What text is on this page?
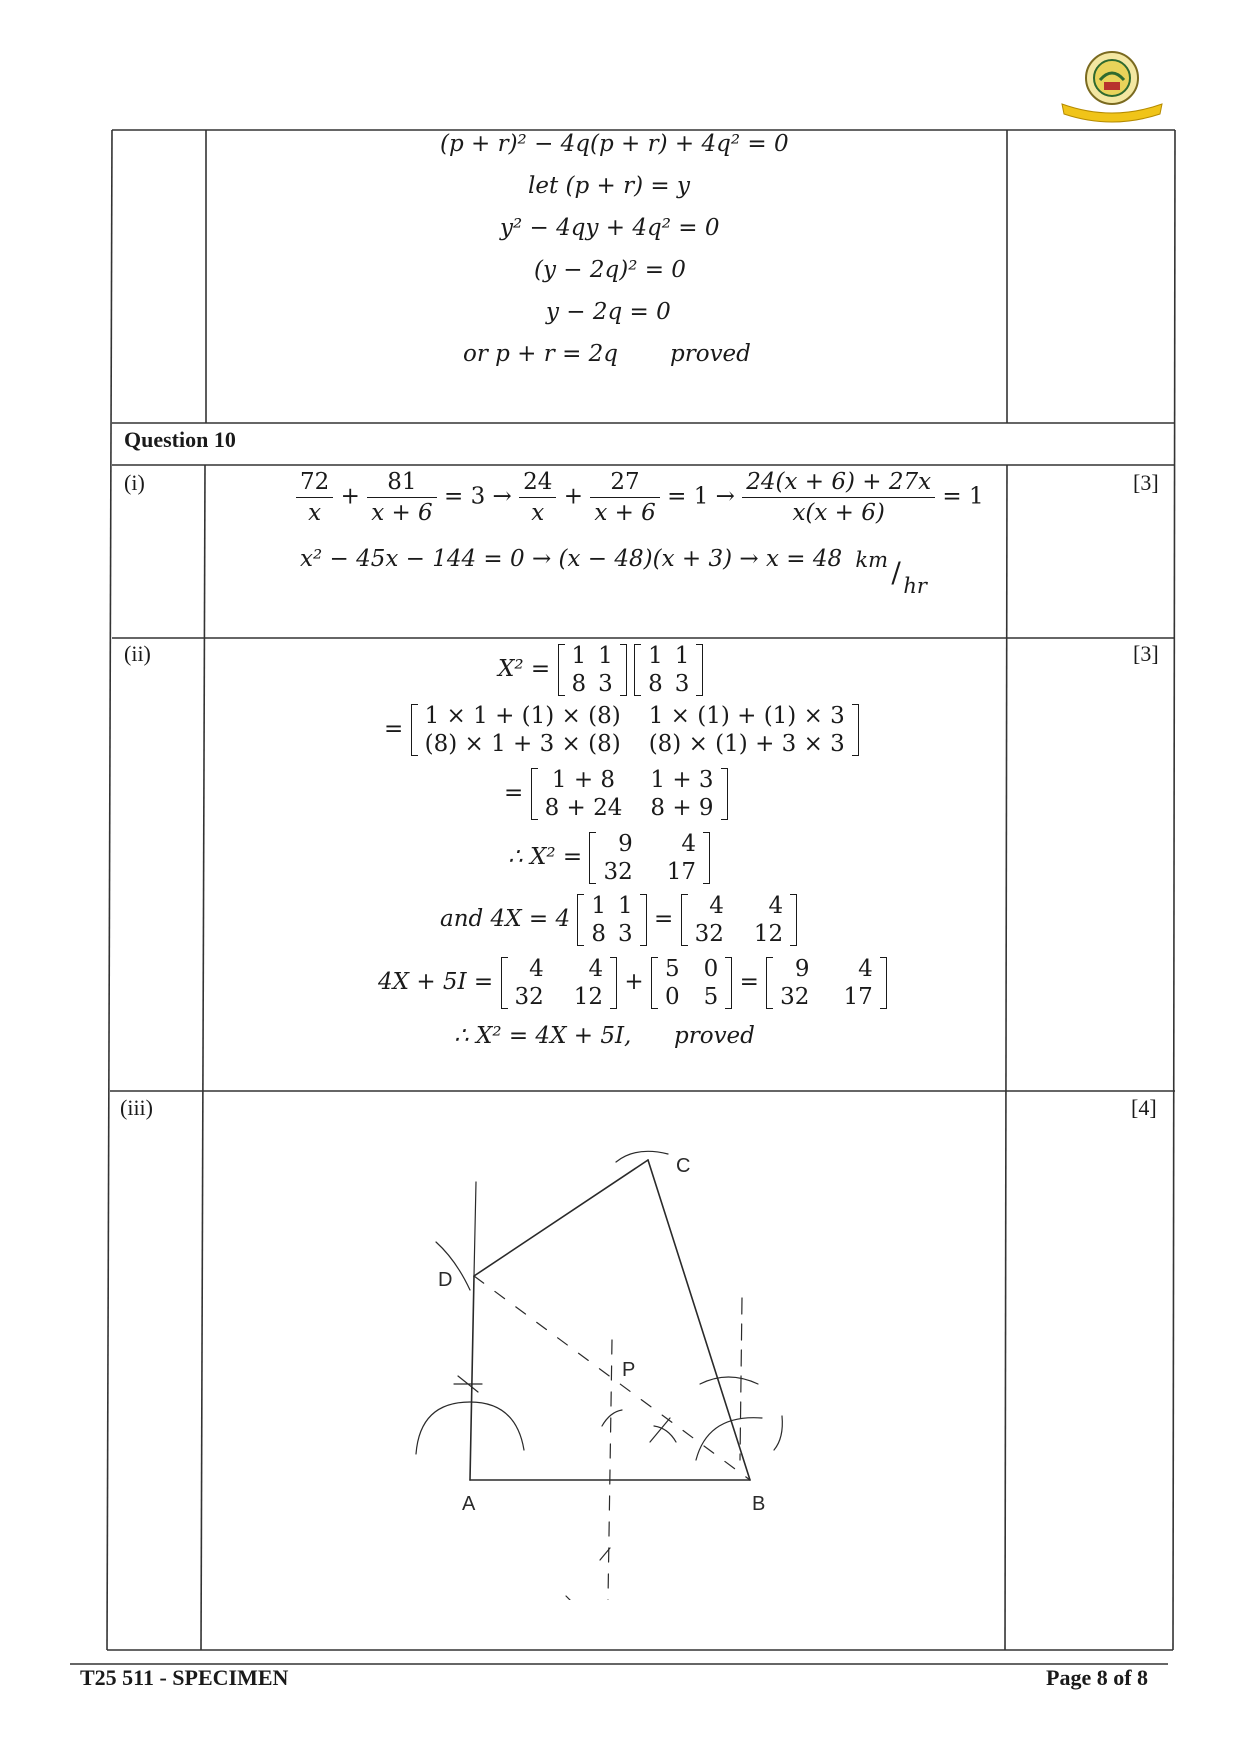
(p + r)² − 4q(p + r) + 4q² = 0
let (p + r) = y
y² − 4qy + 4q² = 0
(y − 2q)² = 0
y − 2q = 0
or p + r = 2q proved
Question 10
(i)	[3]
$\frac{72}{x} + \frac{81}{x + 6} = 3 \to \frac{24}{x} + \frac{27}{x + 6} = 1 \to \frac{24(x + 6) + 27x}{x(x + 6)} = 1$
x² − 45x − 144 = 0 → (x − 48)(x + 3) → x = 48 km / hr
(ii)	[3]
X² = 1	1
8	3

1	1
8	3
= 1 × 1 + (1) × (8)	1 × (1) + (1) × 3
(8) × 1 + 3 × (8)	(8) × (1) + 3 × 3
= 1 + 8	1 + 3
8 + 24	8 + 9
∴ X² = 9	4
32	17
and 4X = 4 1	1
8	3
= 4	4
32	12
4X + 5I = 4	4
32	12
+ 5	0
0	5
= 9	4
32	17
∴ X² = 4X + 5I, proved
(iii)	[4]
A	B
C
D
P
T25 511 - SPECIMEN	Page 8 of 8
